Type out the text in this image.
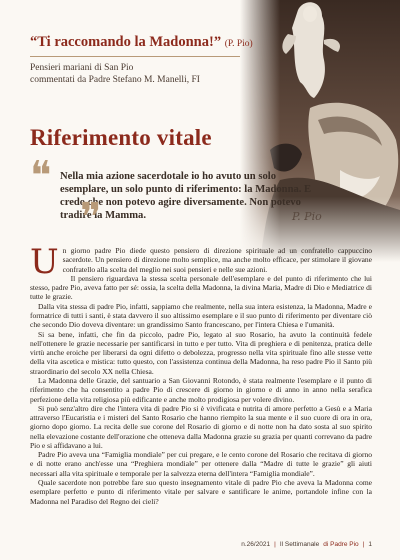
“Ti raccomando la Madonna!” (P. Pio)
Pensieri mariani di San Pio
commentati da Padre Stefano M. Manelli, FI
Riferimento vitale
❝ Nella mia azione sacerdotale io ho avuto un solo esemplare, un solo punto di riferimento: la Madonna. E credo che non potevo agire diversamente. Non potevo tradire la Mamma.
❞	P. Pio

Un giorno padre Pio diede questo pensiero di direzione spirituale ad un confratello cappuccino sacerdote. Un pensiero di direzione molto semplice, ma anche molto efficace, per stimolare il giovane confratello alla scelta del meglio nei suoi pensieri e nelle sue azioni.

Il pensiero riguardava la stessa scelta personale dell'esemplare e del punto di riferimento che lui stesso, padre Pio, aveva fatto per sé: ossia, la scelta della Madonna, la divina Maria, Madre di Dio e Mediatrice di tutte le grazie.

Dalla vita stessa di padre Pio, infatti, sappiamo che realmente, nella sua intera esistenza, la Madonna, Madre e formatrice di tutti i santi, è stata davvero il suo altissimo esemplare e il suo punto di riferimento per diventare ciò che secondo Dio doveva diventare: un grandissimo Santo francescano, per l'intera Chiesa e l'umanità.

Si sa bene, infatti, che fin da piccolo, padre Pio, legato al suo Rosario, ha avuto la continuità fedele nell'ottenere le grazie necessarie per santificarsi in tutto e per tutto. Vita di preghiera e di penitenza, pratica delle virtù anche eroiche per liberarsi da ogni difetto o debolezza, progresso nella vita spirituale fino alle stesse vette della vita ascetica e mistica: tutto questo, con l'assistenza continua della Madonna, ha reso padre Pio il Santo più straordinario del secolo XX nella Chiesa.

La Madonna delle Grazie, del santuario a San Giovanni Rotondo, è stata realmente l'esemplare e il punto di riferimento che ha consentito a padre Pio di crescere di giorno in giorno e di anno in anno nella serafica perfezione della vita religiosa più edificante e anche molto prodigiosa per volere divino.

Si può senz'altro dire che l'intera vita di padre Pio si è vivificata e nutrita di amore perfetto a Gesù e a Maria attraverso l'Eucaristia e i misteri del Santo Rosario che hanno riempito la sua mente e il suo cuore di ora in ora, giorno dopo giorno. La recita delle sue corone del Rosario di giorno e di notte non ha dato sosta al suo spirito nella elevazione costante dell'orazione che otteneva dalla Madonna grazie su grazia per quanti correvano da padre Pio e si affidavano a lui.

Padre Pio aveva una “Famiglia mondiale” per cui pregare, e le cento corone del Rosario che recitava di giorno e di notte erano anch'esse una “Preghiera mondiale” per ottenere dalla “Madre di tutte le grazie” gli aiuti necessari alla vita spirituale e temporale per la salvezza eterna dell'intera “Famiglia mondiale”.

Quale sacerdote non potrebbe fare suo questo insegnamento vitale di padre Pio che aveva la Madonna come esemplare perfetto e punto di riferimento vitale per salvare e santificare le anime, portandole infine con la Madonna nel Paradiso del Regno dei cieli?

n.26/2021 | Il Settimanale di Padre Pio | 1
